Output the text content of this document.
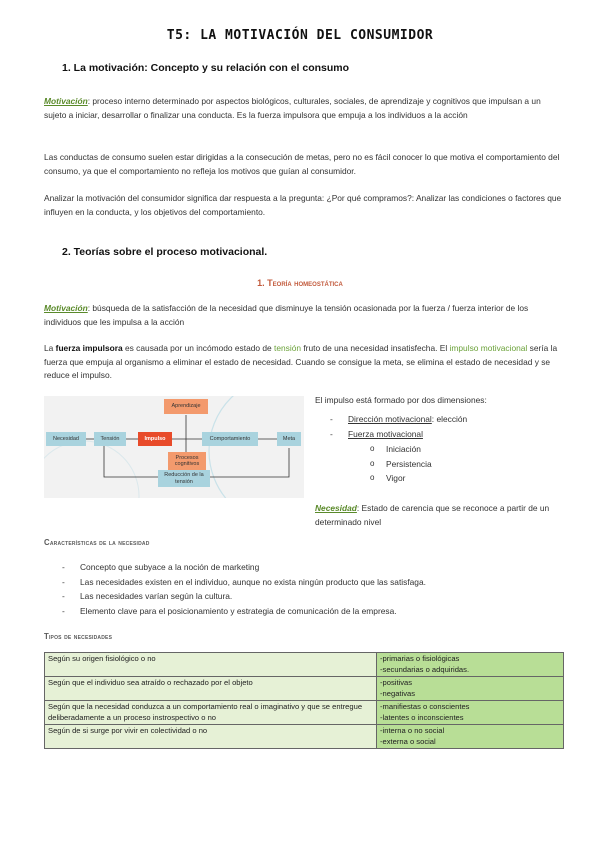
T5: LA MOTIVACIÓN DEL CONSUMIDOR
1. La motivación: Concepto y su relación con el consumo

Motivación: proceso interno determinado por aspectos biológicos, culturales, sociales, de aprendizaje y cognitivos que impulsan a un sujeto a iniciar, desarrollar o finalizar una conducta. Es la fuerza impulsora que empuja a los individuos a la acción

Las conductas de consumo suelen estar dirigidas a la consecución de metas, pero no es fácil conocer lo que motiva el comportamiento del consumo, ya que el comportamiento no refleja los motivos que guían al consumidor.

Analizar la motivación del consumidor significa dar respuesta a la pregunta: ¿Por qué compramos?: Analizar las condiciones o factores que influyen en la conducta, y los objetivos del comportamiento.

2. Teorías sobre el proceso motivacional.
1. Teoría homeostática

Motivación: búsqueda de la satisfacción de la necesidad que disminuye la tensión ocasionada por la fuerza / fuerza interior de los individuos que les impulsa a la acción

La fuerza impulsora es causada por un incómodo estado de tensión fruto de una necesidad insatisfecha. El impulso motivacional sería la fuerza que empuja al organismo a eliminar el estado de necesidad. Cuando se consigue la meta, se elimina el estado de necesidad y se reduce el impulso.

Aprendizaje
Necesidad	Tensión	Impulso	Comportamiento	Meta
Procesos cognitivos
Reducción de la tensión
El impulso está formado por dos dimensiones:
- Dirección motivacional: elección
- Fuerza motivacional
o Iniciación
o Persistencia
o Vigor

Necesidad: Estado de carencia que se reconoce a partir de un determinado nivel

Características de la necesidad
- Concepto que subyace a la noción de marketing
- Las necesidades existen en el individuo, aunque no exista ningún producto que las satisfaga.
- Las necesidades varían según la cultura.
- Elemento clave para el posicionamiento y estrategia de comunicación de la empresa.
Tipos de necesidades
Según su origen fisiológico o no	-primarias o fisiológicas
-secundarias o adquiridas.

Según que el individuo sea atraído o rechazado por el objeto	-positivas
-negativas

Según que la necesidad conduzca a un comportamiento real o imaginativo y que se entregue deliberadamente a un proceso instrospectivo o no	-manifiestas o conscientes
-latentes o inconscientes

Según de si surge por vivir en colectividad o no	-interna o no social
-externa o social
